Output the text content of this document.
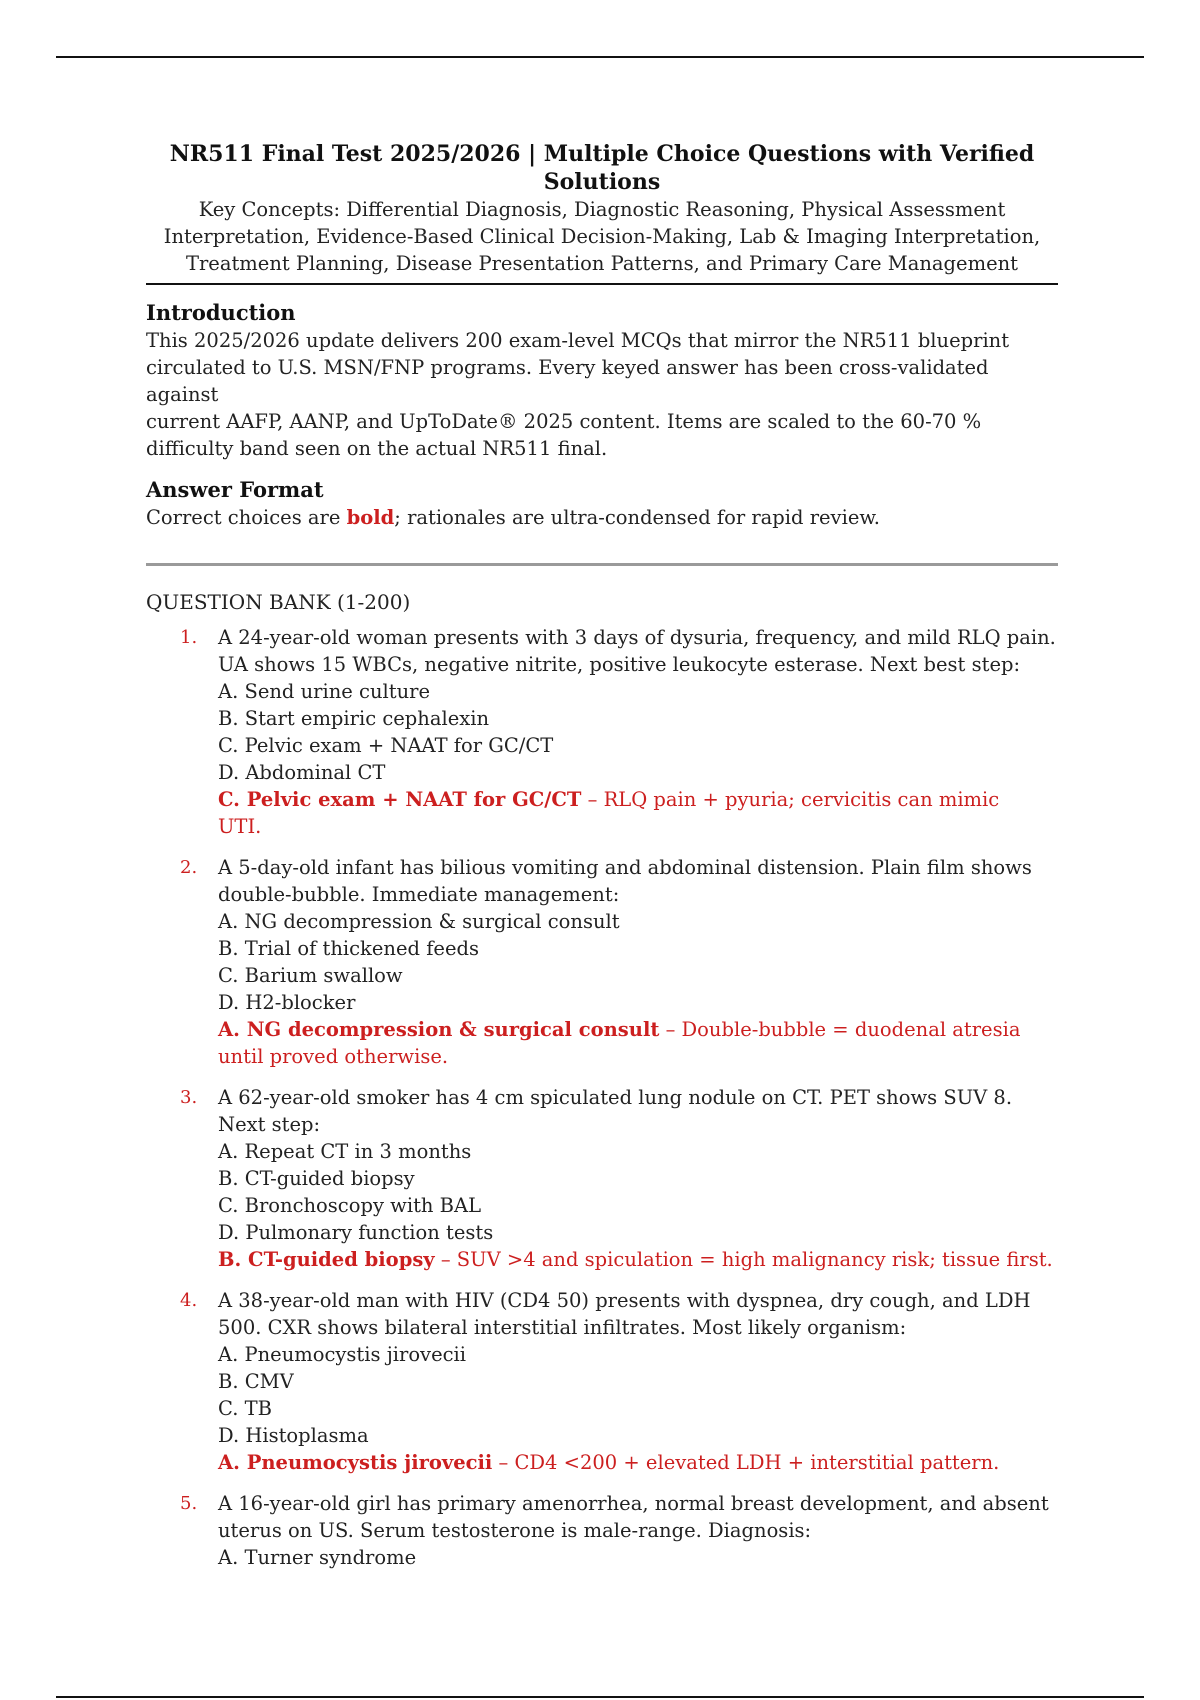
NR511 Final Test 2025/2026 | Multiple Choice Questions with Verified Solutions

Key Concepts: Differential Diagnosis, Diagnostic Reasoning, Physical Assessment

Interpretation, Evidence-Based Clinical Decision-Making, Lab & Imaging Interpretation,

Treatment Planning, Disease Presentation Patterns, and Primary Care Management

Introduction

This 2025/2026 update delivers 200 exam-level MCQs that mirror the NR511 blueprint

circulated to U.S. MSN/FNP programs. Every keyed answer has been cross-validated against

current AAFP, AANP, and UpToDate® 2025 content. Items are scaled to the 60-70 %

difficulty band seen on the actual NR511 final.

Answer Format

Correct choices are bold; rationales are ultra-condensed for rapid review.

QUESTION BANK (1-200)

1. A 24-year-old woman presents with 3 days of dysuria, frequency, and mild RLQ pain.

UA shows 15 WBCs, negative nitrite, positive leukocyte esterase. Next best step:

A. Send urine culture

B. Start empiric cephalexin

C. Pelvic exam + NAAT for GC/CT

D. Abdominal CT

C. Pelvic exam + NAAT for GC/CT – RLQ pain + pyuria; cervicitis can mimic

UTI.

2. A 5-day-old infant has bilious vomiting and abdominal distension. Plain film shows

double-bubble. Immediate management:

A. NG decompression & surgical consult

B. Trial of thickened feeds

C. Barium swallow

D. H2-blocker

A. NG decompression & surgical consult – Double-bubble = duodenal atresia

until proved otherwise.

3. A 62-year-old smoker has 4 cm spiculated lung nodule on CT. PET shows SUV 8.

Next step:

A. Repeat CT in 3 months

B. CT-guided biopsy

C. Bronchoscopy with BAL

D. Pulmonary function tests

B. CT-guided biopsy – SUV >4 and spiculation = high malignancy risk; tissue first.

4. A 38-year-old man with HIV (CD4 50) presents with dyspnea, dry cough, and LDH

500. CXR shows bilateral interstitial infiltrates. Most likely organism:

A. Pneumocystis jirovecii

B. CMV

C. TB

D. Histoplasma

A. Pneumocystis jirovecii – CD4 <200 + elevated LDH + interstitial pattern.

5. A 16-year-old girl has primary amenorrhea, normal breast development, and absent

uterus on US. Serum testosterone is male-range. Diagnosis:

A. Turner syndrome
